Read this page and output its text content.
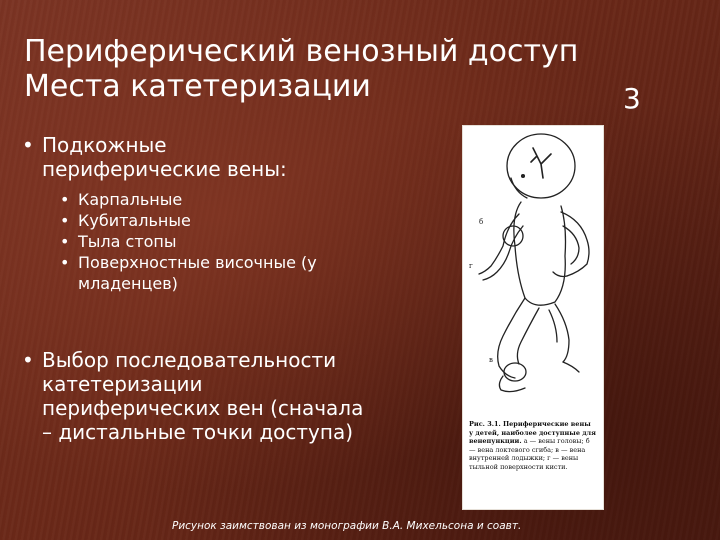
Периферический венозный доступ
Места катетеризации	3
• Подкожные периферические вены:
• Карпальные
• Кубитальные
• Тыла стопы
• Поверхностные височные (у младенцев)
• Выбор последовательности катетеризации периферических вен (сначала – дистальные точки доступа)
б
г
в
Рис. 3.1. Периферические вены у детей, наиболее доступные для венепункции. а — вены головы; б — вена локтевого сгиба; в — вена внутренней лодыжки; г — вены тыльной поверхности кисти.
Рисунок заимствован из монографии В.А. Михельсона и соавт.
